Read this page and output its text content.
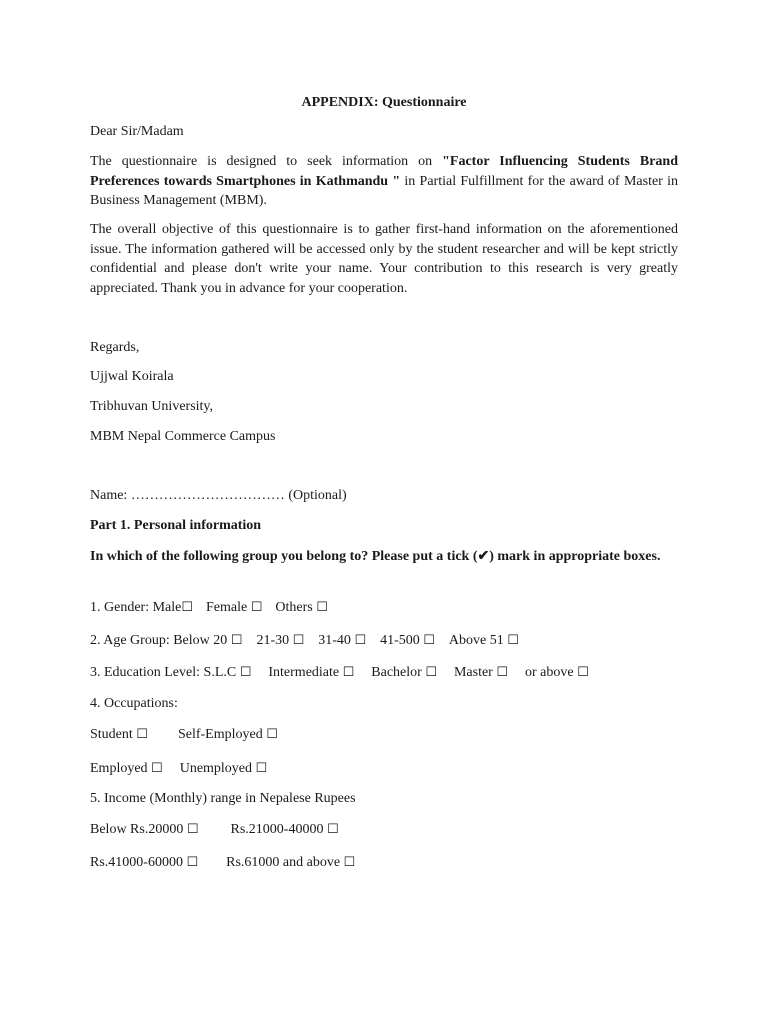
APPENDIX: Questionnaire
Dear Sir/Madam
The questionnaire is designed to seek information on "Factor Influencing Students Brand Preferences towards Smartphones in Kathmandu " in Partial Fulfillment for the award of Master in Business Management (MBM).
The overall objective of this questionnaire is to gather first-hand information on the aforementioned issue. The information gathered will be accessed only by the student researcher and will be kept strictly confidential and please don't write your name. Your contribution to this research is very greatly appreciated. Thank you in advance for your cooperation.
Regards,
Ujjwal Koirala
Tribhuvan University,
MBM Nepal Commerce Campus
Name: …………………………… (Optional)
Part 1. Personal information
In which of the following group you belong to? Please put a tick (✔) mark in appropriate boxes.
1. Gender: Male☐ Female ☐ Others ☐
2. Age Group: Below 20 ☐ 21-30 ☐ 31-40 ☐ 41-500 ☐ Above 51 ☐
3. Education Level: S.L.C ☐ Intermediate ☐ Bachelor ☐ Master ☐ or above ☐
4. Occupations:
Student ☐ Self-Employed ☐
Employed ☐ Unemployed ☐
5. Income (Monthly) range in Nepalese Rupees
Below Rs.20000 ☐ Rs.21000-40000 ☐
Rs.41000-60000 ☐ Rs.61000 and above ☐
